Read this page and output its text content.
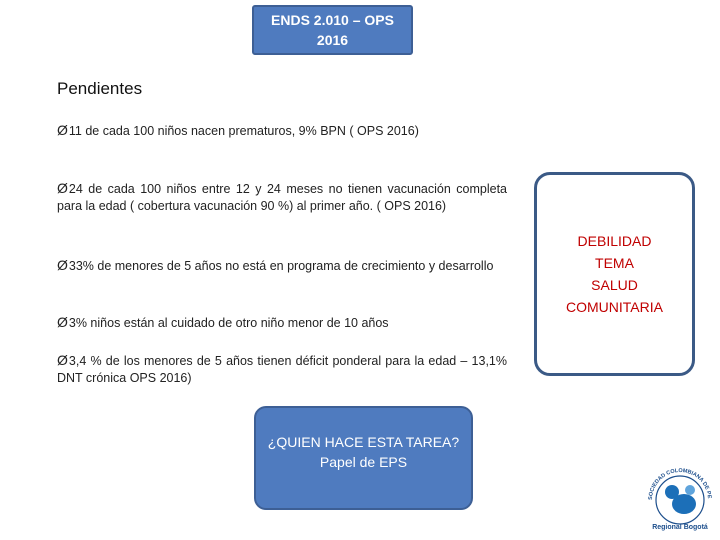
ENDS 2.010 – OPS
2016
Pendientes
Ø11 de cada 100 niños nacen prematuros, 9% BPN ( OPS 2016)
Ø24 de cada 100 niños entre 12 y 24 meses no tienen vacunación completa para la edad ( cobertura vacunación 90 %) al primer año. ( OPS 2016)
Ø33% de menores de 5 años no está en programa de crecimiento y desarrollo
Ø3% niños están al cuidado de otro niño menor de 10 años
Ø3,4 % de los menores de 5 años tienen déficit ponderal para la edad – 13,1% DNT crónica OPS 2016)
DEBILIDAD
TEMA
SALUD
COMUNITARIA
¿QUIEN HACE ESTA TAREA?
Papel de EPS
SOCIEDAD COLOMBIANA DE PE
Regional Bogotá
